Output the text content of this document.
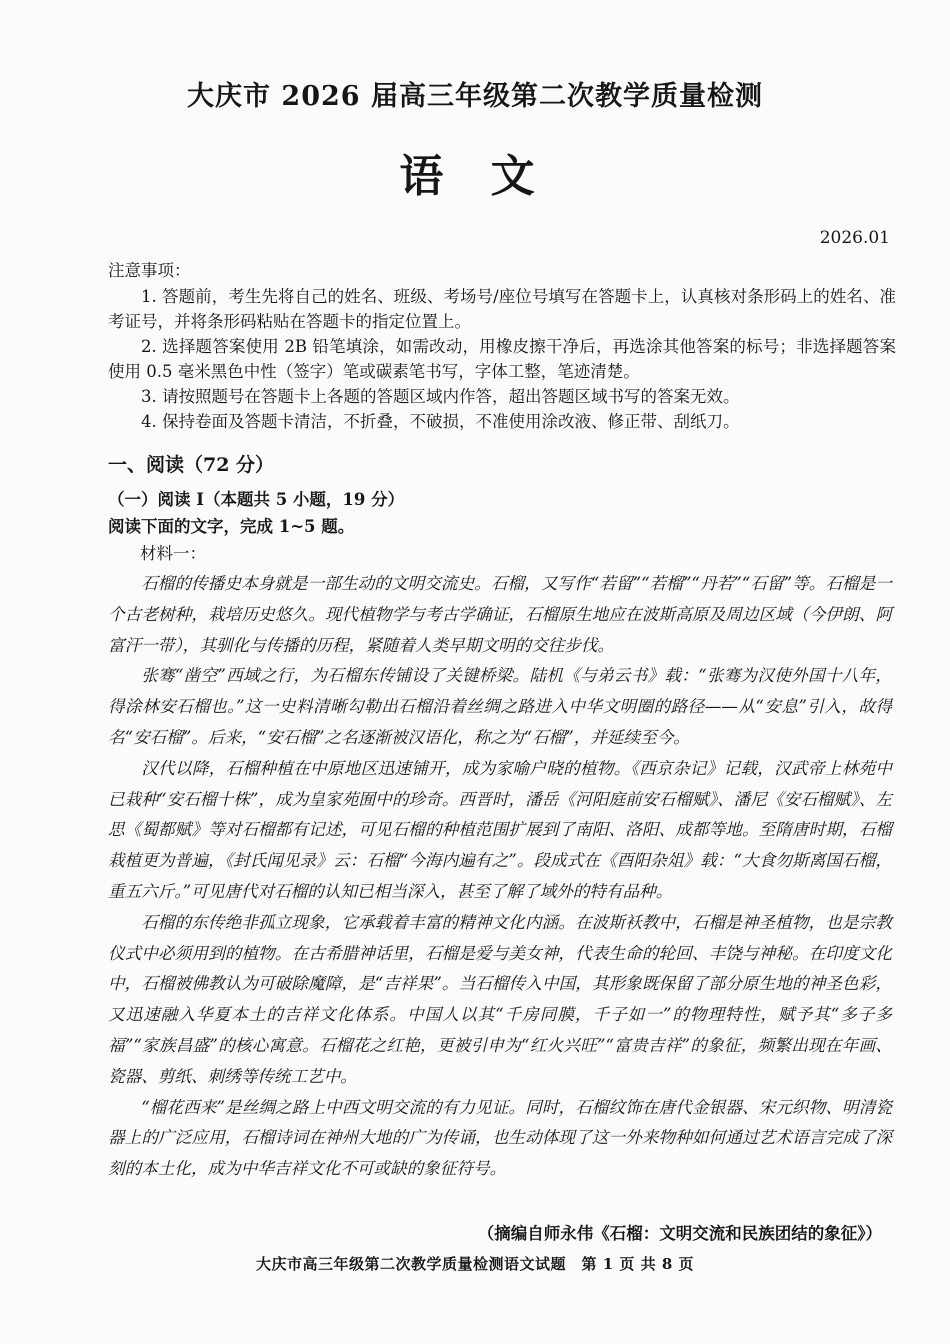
大庆市 2026 届高三年级第二次教学质量检测
语 文
2026.01

注意事项：

1. 答题前，考生先将自己的姓名、班级、考场号/座位号填写在答题卡上，认真核对条形码上的姓名、准考证号，并将条形码粘贴在答题卡的指定位置上。

2. 选择题答案使用 2B 铅笔填涂，如需改动，用橡皮擦干净后，再选涂其他答案的标号；非选择题答案使用 0.5 毫米黑色中性（签字）笔或碳素笔书写，字体工整，笔迹清楚。

3. 请按照题号在答题卡上各题的答题区域内作答，超出答题区域书写的答案无效。

4. 保持卷面及答题卡清洁，不折叠，不破损，不准使用涂改液、修正带、刮纸刀。

一、阅读（72 分）
（一）阅读 I（本题共 5 小题，19 分）
阅读下面的文字，完成 1~5 题。
材料一：

石榴的传播史本身就是一部生动的文明交流史。石榴，又写作“若留”“若榴”“丹若”“石留”等。石榴是一个古老树种，栽培历史悠久。现代植物学与考古学确证，石榴原生地应在波斯高原及周边区域（今伊朗、阿富汗一带），其驯化与传播的历程，紧随着人类早期文明的交往步伐。

张骞“凿空”西域之行，为石榴东传铺设了关键桥梁。陆机《与弟云书》载：“张骞为汉使外国十八年，得涂林安石榴也。”这一史料清晰勾勒出石榴沿着丝绸之路进入中华文明圈的路径——从“安息”引入，故得名“安石榴”。后来，“安石榴”之名逐渐被汉语化，称之为“石榴”，并延续至今。

汉代以降，石榴种植在中原地区迅速铺开，成为家喻户晓的植物。《西京杂记》记载，汉武帝上林苑中已栽种“安石榴十株”，成为皇家苑囿中的珍奇。西晋时，潘岳《河阳庭前安石榴赋》、潘尼《安石榴赋》、左思《蜀都赋》等对石榴都有记述，可见石榴的种植范围扩展到了南阳、洛阳、成都等地。至隋唐时期，石榴栽植更为普遍，《封氏闻见录》云：石榴“今海内遍有之”。段成式在《酉阳杂俎》载：“大食勿斯离国石榴，重五六斤。”可见唐代对石榴的认知已相当深入，甚至了解了域外的特有品种。

石榴的东传绝非孤立现象，它承载着丰富的精神文化内涵。在波斯袄教中，石榴是神圣植物，也是宗教仪式中必须用到的植物。在古希腊神话里，石榴是爱与美女神，代表生命的轮回、丰饶与神秘。在印度文化中，石榴被佛教认为可破除魔障，是“吉祥果”。当石榴传入中国，其形象既保留了部分原生地的神圣色彩，又迅速融入华夏本土的吉祥文化体系。中国人以其“千房同膜，千子如一”的物理特性，赋予其“多子多福”“家族昌盛”的核心寓意。石榴花之红艳，更被引申为“红火兴旺”“富贵吉祥”的象征，频繁出现在年画、瓷器、剪纸、刺绣等传统工艺中。

“榴花西来”是丝绸之路上中西文明交流的有力见证。同时，石榴纹饰在唐代金银器、宋元织物、明清瓷器上的广泛应用，石榴诗词在神州大地的广为传诵，也生动体现了这一外来物种如何通过艺术语言完成了深刻的本土化，成为中华吉祥文化不可或缺的象征符号。

（摘编自师永伟《石榴：文明交流和民族团结的象征》）
大庆市高三年级第二次教学质量检测语文试题　第 1 页 共 8 页
